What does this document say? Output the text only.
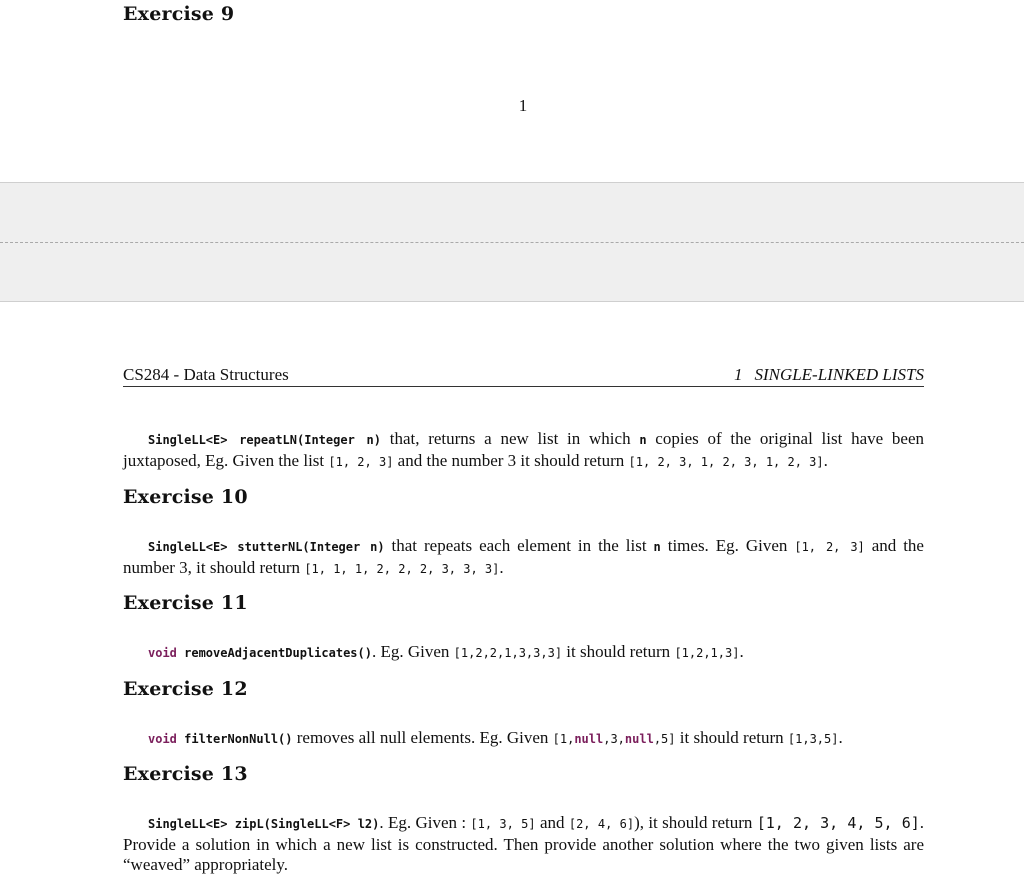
Exercise 9
1
CS284 - Data Structures	1 SINGLE-LINKED LISTS

SingleLL<E> repeatLN(Integer n) that, returns a new list in which n copies of the original list have been juxtaposed, Eg. Given the list [1, 2, 3] and the number 3 it should return [1, 2, 3, 1, 2, 3, 1, 2, 3].

Exercise 10

SingleLL<E> stutterNL(Integer n) that repeats each element in the list n times. Eg. Given [1, 2, 3] and the number 3, it should return [1, 1, 1, 2, 2, 2, 3, 3, 3].

Exercise 11

void removeAdjacentDuplicates(). Eg. Given [1,2,2,1,3,3,3] it should return [1,2,1,3].

Exercise 12

void filterNonNull() removes all null elements. Eg. Given [1,null,3,null,5] it should return [1,3,5].

Exercise 13

SingleLL<E> zipL(SingleLL<F> l2). Eg. Given : [1, 3, 5] and [2, 4, 6]), it should return [1, 2, 3, 4, 5, 6]. Provide a solution in which a new list is constructed. Then provide another solution where the two given lists are “weaved” appropriately.
